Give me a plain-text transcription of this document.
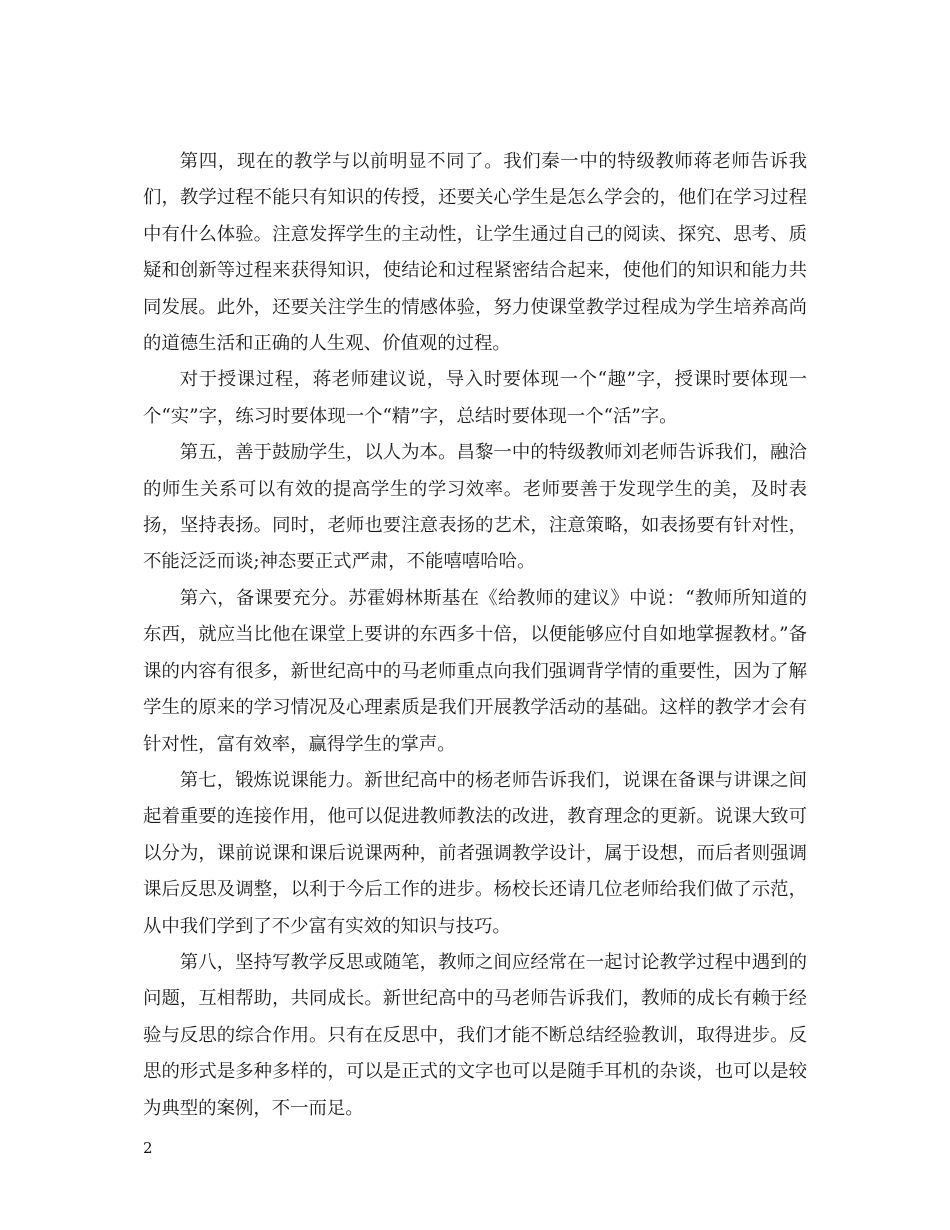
第四，现在的教学与以前明显不同了。我们秦一中的特级教师蒋老师告诉我们，教学过程不能只有知识的传授，还要关心学生是怎么学会的，他们在学习过程中有什么体验。注意发挥学生的主动性，让学生通过自己的阅读、探究、思考、质疑和创新等过程来获得知识，使结论和过程紧密结合起来，使他们的知识和能力共同发展。此外，还要关注学生的情感体验，努力使课堂教学过程成为学生培养高尚的道德生活和正确的人生观、价值观的过程。

对于授课过程，蒋老师建议说，导入时要体现一个“趣”字，授课时要体现一个“实”字，练习时要体现一个“精”字，总结时要体现一个“活”字。

第五，善于鼓励学生，以人为本。昌黎一中的特级教师刘老师告诉我们，融洽的师生关系可以有效的提高学生的学习效率。老师要善于发现学生的美，及时表扬，坚持表扬。同时，老师也要注意表扬的艺术，注意策略，如表扬要有针对性，不能泛泛而谈;神态要正式严肃，不能嘻嘻哈哈。

第六，备课要充分。苏霍姆林斯基在《给教师的建议》中说：“教师所知道的东西，就应当比他在课堂上要讲的东西多十倍，以便能够应付自如地掌握教材。”备课的内容有很多，新世纪高中的马老师重点向我们强调背学情的重要性，因为了解学生的原来的学习情况及心理素质是我们开展教学活动的基础。这样的教学才会有针对性，富有效率，赢得学生的掌声。

第七，锻炼说课能力。新世纪高中的杨老师告诉我们，说课在备课与讲课之间起着重要的连接作用，他可以促进教师教法的改进，教育理念的更新。说课大致可以分为，课前说课和课后说课两种，前者强调教学设计，属于设想，而后者则强调课后反思及调整，以利于今后工作的进步。杨校长还请几位老师给我们做了示范，从中我们学到了不少富有实效的知识与技巧。

第八，坚持写教学反思或随笔，教师之间应经常在一起讨论教学过程中遇到的问题，互相帮助，共同成长。新世纪高中的马老师告诉我们，教师的成长有赖于经验与反思的综合作用。只有在反思中，我们才能不断总结经验教训，取得进步。反思的形式是多种多样的，可以是正式的文字也可以是随手耳机的杂谈，也可以是较为典型的案例，不一而足。

2
